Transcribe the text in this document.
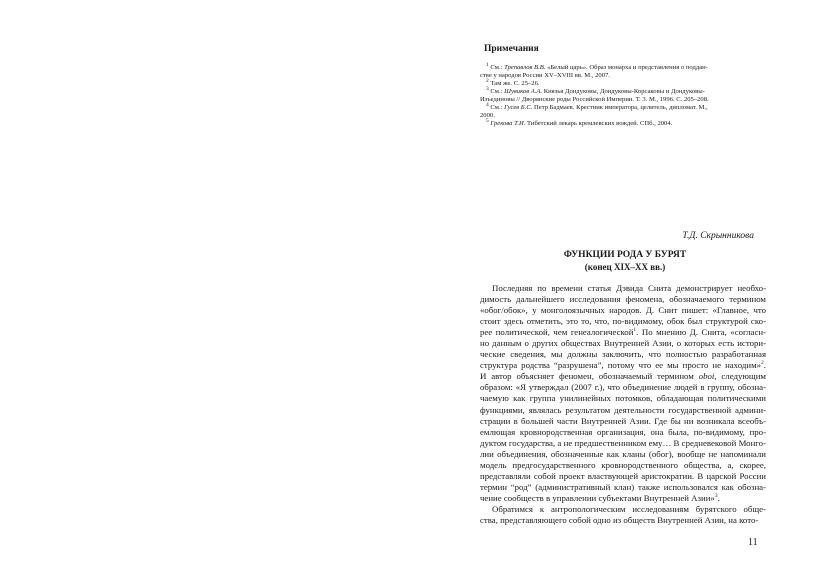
Примечания

$^1$ См.: Трепавлов В.В. «Белый царь». Образ монарха и представления о поддан-

стве у народов России XV–XVIII вв. М., 2007.

$^2$ Там же. С. 25–26.

$^3$ См.: Шувиков А.А. Князья Дондуковы, Дондуковы-Корсаковы и Дондуковы-

Изъединовы // Дворянские роды Российской Империи. Т. 3. М., 1996. С. 205–208.

$^4$ См.: Гусев Б.С. Петр Бадмаев. Крестник императора, целитель, дипломат. М.,

2000.

$^5$ Грекова Т.И. Тибетский лекарь кремлевских вождей. СПб., 2004.

Т.Д. Скрынникова
ФУНКЦИИ РОДА У БУРЯТ
(конец XIX–XX вв.)
Последняя по времени статья Дэвида Снита демонстрирует необхо-
димость дальнейшего исследования феномена, обозначаемого термином
«обог/обок», у монголоязычных народов. Д. Снит пишет: «Главное, что
стоит здесь отметить, это то, что, по-видимому, обок был структурой ско-
рее политической, чем генеалогической$^1$. По мнению Д. Снита, «согласн-
но данным о других обществах Внутренней Азии, о которых есть истори-
ческие сведения, мы должны заключить, что полностью разработанная
структура родства “разрушена”, потому что ее мы просто не находим»$^2$.
И автор объясняет феномен, обозначаемый термином oboi, следующим
образом: «Я утверждал (2007 г.), что объединение людей в группу, обозна-
чаемую как группа унилинейных потомков, обладающая политическими
функциями, являлась результатом деятельности государственной админи-
страции в большей части Внутренней Азии. Где бы ни возникала всеобъ-
емлющая кровнородственная организация, она была, по-видимому, про-
дуктом государства, а не предшественником ему… В средневековой Монго-
лии объединения, обозначенные как кланы (обог), вообще не напоминали
модель предгосударственного кровнородственного общества, а, скорее,
представляли собой проект властвующей аристократии. В царской России
термин “род” (административный клан) также использовался как обозна-
чение сообществ в управлении субъектами Внутренней Азии»$^3$.
Обратимся к антропологическим исследованиям бурятского обще-
ства, представляющего собой одно из обществ Внутренней Азии, на кото-
11
